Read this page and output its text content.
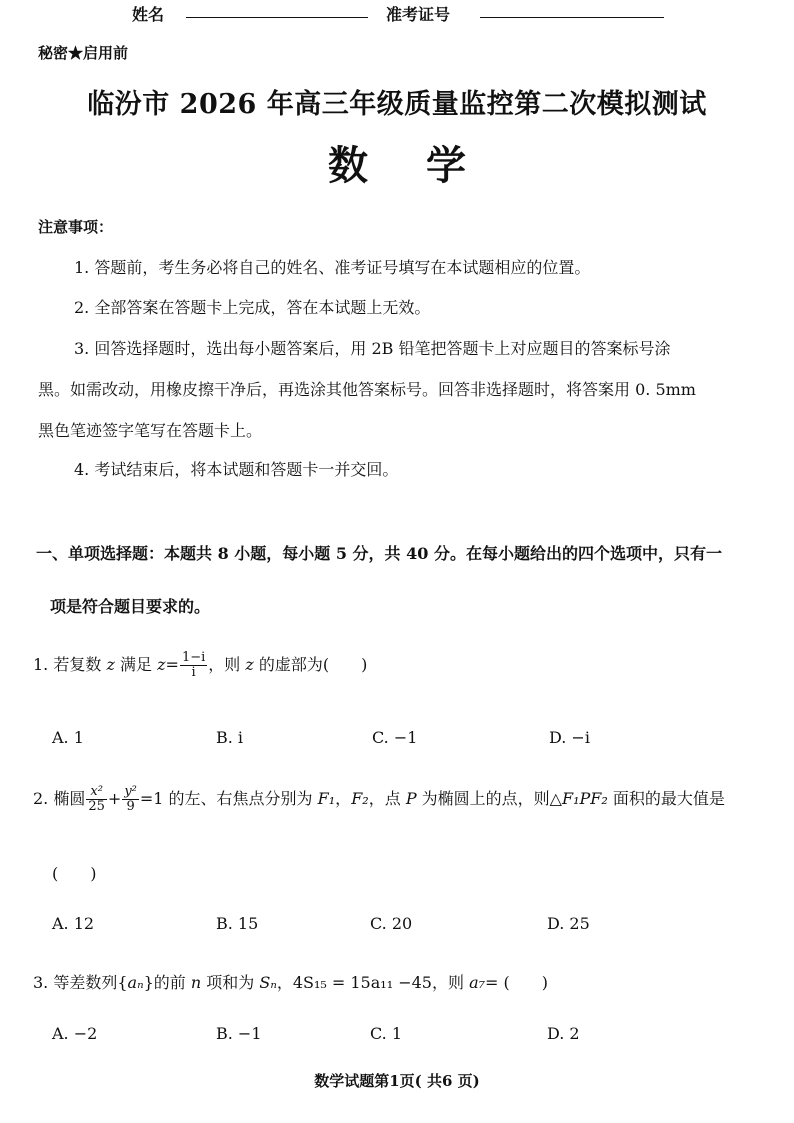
姓名	准考证号
秘密★启用前
临汾市 2026 年高三年级质量监控第二次模拟测试
数学
注意事项：
1. 答题前，考生务必将自己的姓名、准考证号填写在本试题相应的位置。
2. 全部答案在答题卡上完成，答在本试题上无效。
3. 回答选择题时，选出每小题答案后，用 2B 铅笔把答题卡上对应题目的答案标号涂
黑。如需改动，用橡皮擦干净后，再选涂其他答案标号。回答非选择题时，将答案用 0. 5mm
黑色笔迹签字笔写在答题卡上。
4. 考试结束后，将本试题和答题卡一并交回。
一、单项选择题：本题共 8 小题，每小题 5 分，共 40 分。在每小题给出的四个选项中，只有一
项是符合题目要求的。
1. 若复数 z 满足 $z= \frac{1-i}{i}$ ，则 z 的虚部为(　　)
A. 1	B. i	C. −1	D. −i
2. 椭圆 $\frac{\text{x²}}{25} + \frac{\text{y²}}{9} =1$ 的左、右焦点分别为 F₁，F₂，点 P 为椭圆上的点，则△F₁PF₂ 面积的最大值是
(　　)
A. 12	B. 15	C. 20	D. 25
3. 等差数列{aₙ}的前 n 项和为 Sₙ，4S₁₅ = 15a₁₁ −45，则 a₇= (　　)
A. −2	B. −1	C. 1	D. 2
数学试题第1页( 共6 页)
